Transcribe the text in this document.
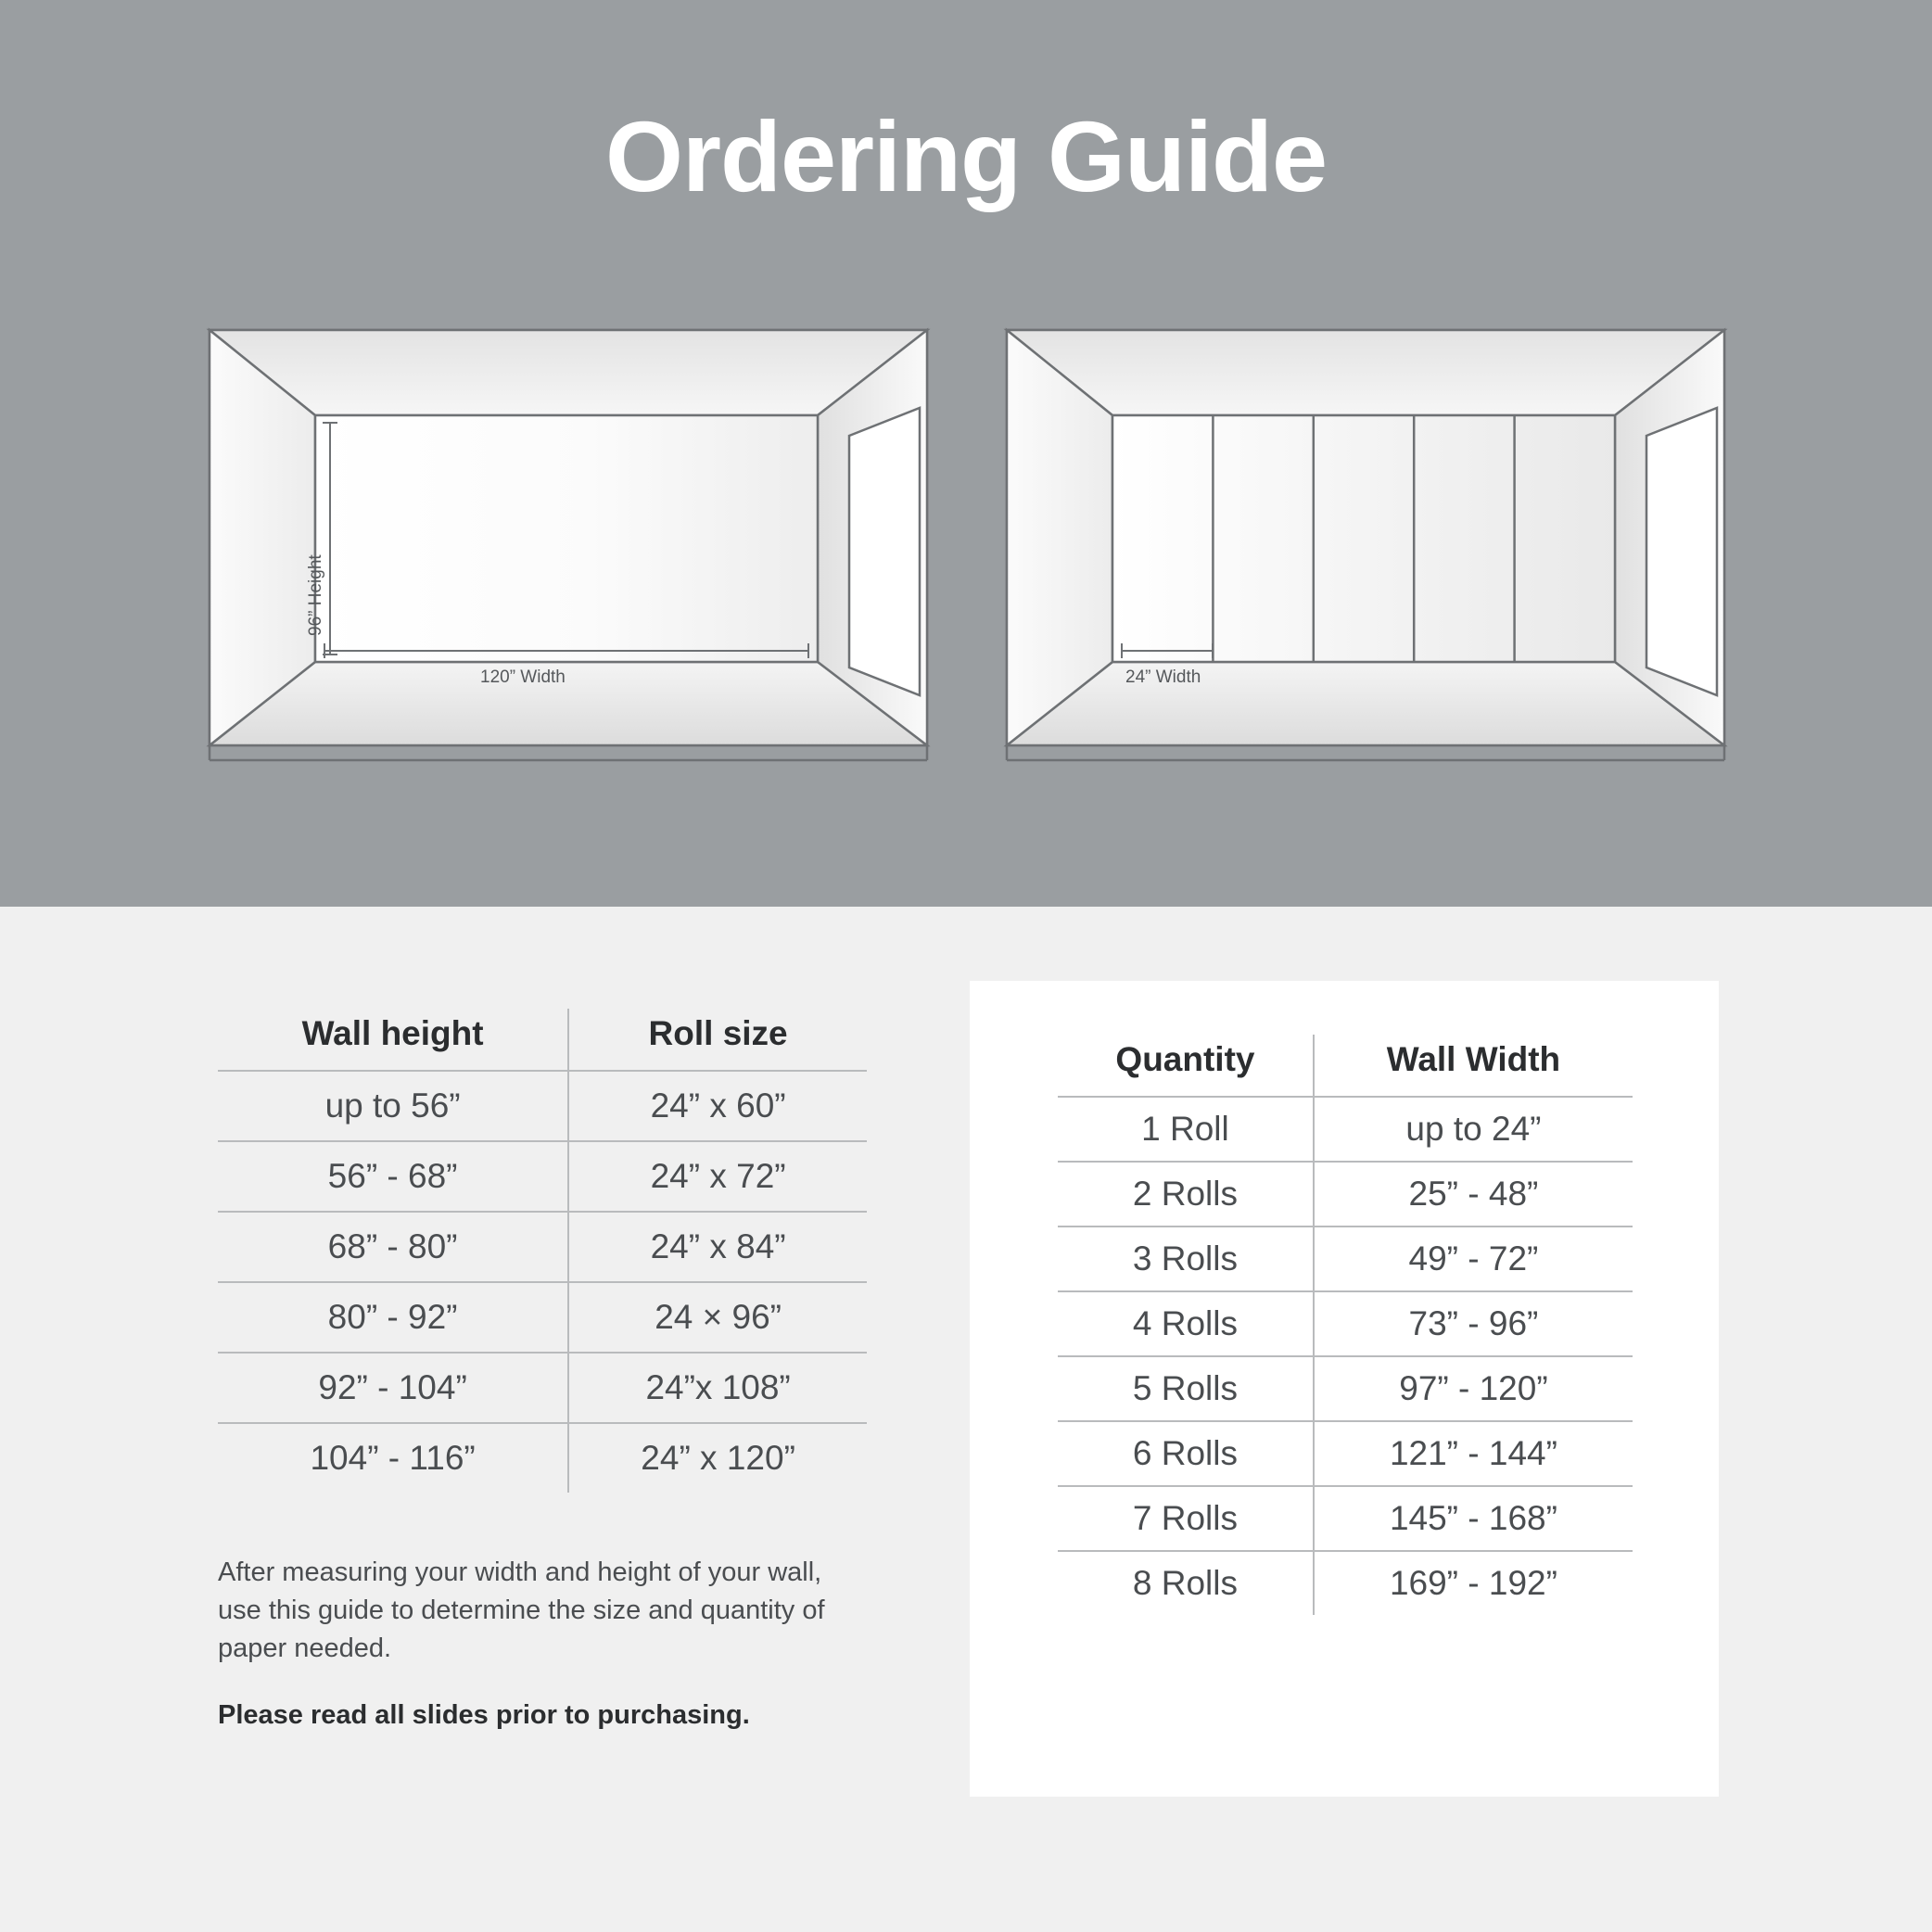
Ordering Guide
96” Height
120” Width	24” Width
Wall height	Roll size
up to 56”	24” x 60”
56” - 68”	24” x 72”
68” - 80”	24” x 84”
80” - 92”	24 × 96”
92” - 104”	24”x 108”
104” - 116”	24” x 120”
After measuring your width and height of your wall, use this guide to determine the size and quantity of paper needed.
Please read all slides prior to purchasing.
Quantity	Wall Width
1 Roll	up to 24”
2 Rolls	25” - 48”
3 Rolls	49” - 72”
4 Rolls	73” - 96”
5 Rolls	97” - 120”
6 Rolls	121” - 144”
7 Rolls	145” - 168”
8 Rolls	169” - 192”
